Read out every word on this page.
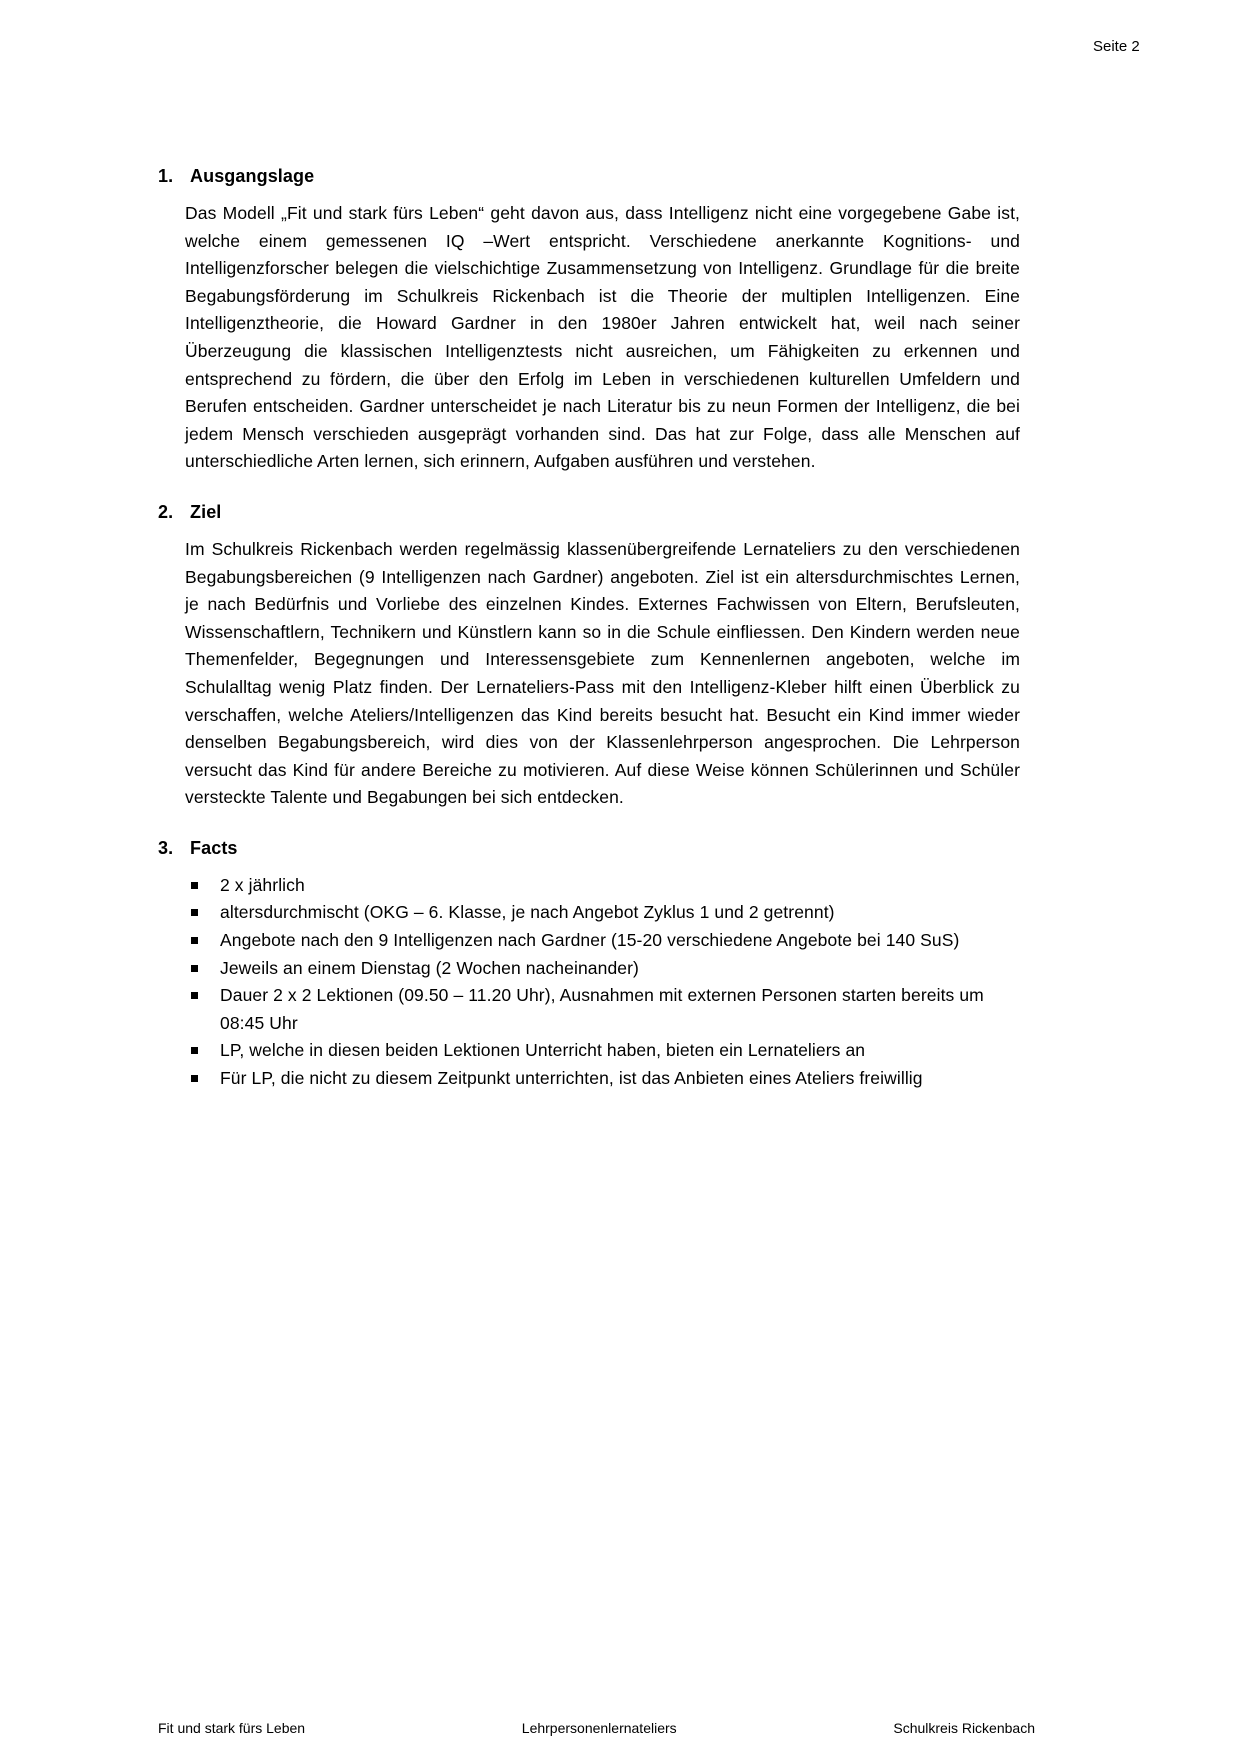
Seite 2
1. Ausgangslage

Das Modell „Fit und stark fürs Leben“ geht davon aus, dass Intelligenz nicht eine vorgegebene Gabe ist, welche einem gemessenen IQ –Wert entspricht. Verschiedene anerkannte Kognitions- und Intelligenzforscher belegen die vielschichtige Zusammensetzung von Intelligenz. Grundlage für die breite Begabungsförderung im Schulkreis Rickenbach ist die Theorie der multiplen Intelligenzen. Eine Intelligenztheorie, die Howard Gardner in den 1980er Jahren entwickelt hat, weil nach seiner Überzeugung die klassischen Intelligenztests nicht ausreichen, um Fähigkeiten zu erkennen und entsprechend zu fördern, die über den Erfolg im Leben in verschiedenen kulturellen Umfeldern und Berufen entscheiden. Gardner unterscheidet je nach Literatur bis zu neun Formen der Intelligenz, die bei jedem Mensch verschieden ausgeprägt vorhanden sind. Das hat zur Folge, dass alle Menschen auf unterschiedliche Arten lernen, sich erinnern, Aufgaben ausführen und verstehen.

2. Ziel

Im Schulkreis Rickenbach werden regelmässig klassenübergreifende Lernateliers zu den verschiedenen Begabungsbereichen (9 Intelligenzen nach Gardner) angeboten. Ziel ist ein altersdurchmischtes Lernen, je nach Bedürfnis und Vorliebe des einzelnen Kindes. Externes Fachwissen von Eltern, Berufsleuten, Wissenschaftlern, Technikern und Künstlern kann so in die Schule einfliessen. Den Kindern werden neue Themenfelder, Begegnungen und Interessensgebiete zum Kennenlernen angeboten, welche im Schulalltag wenig Platz finden. Der Lernateliers-Pass mit den Intelligenz-Kleber hilft einen Überblick zu verschaffen, welche Ateliers/Intelligenzen das Kind bereits besucht hat. Besucht ein Kind immer wieder denselben Begabungsbereich, wird dies von der Klassenlehrperson angesprochen. Die Lehrperson versucht das Kind für andere Bereiche zu motivieren. Auf diese Weise können Schülerinnen und Schüler versteckte Talente und Begabungen bei sich entdecken.

3. Facts
2 x jährlich
altersdurchmischt (OKG – 6. Klasse, je nach Angebot Zyklus 1 und 2 getrennt)
Angebote nach den 9 Intelligenzen nach Gardner (15-20 verschiedene Angebote bei 140 SuS)
Jeweils an einem Dienstag (2 Wochen nacheinander)
Dauer 2 x 2 Lektionen (09.50 – 11.20 Uhr), Ausnahmen mit externen Personen starten bereits um 08:45 Uhr
LP, welche in diesen beiden Lektionen Unterricht haben, bieten ein Lernateliers an
Für LP, die nicht zu diesem Zeitpunkt unterrichten, ist das Anbieten eines Ateliers freiwillig
Fit und stark fürs Leben	Lehrpersonenlernateliers	Schulkreis Rickenbach
